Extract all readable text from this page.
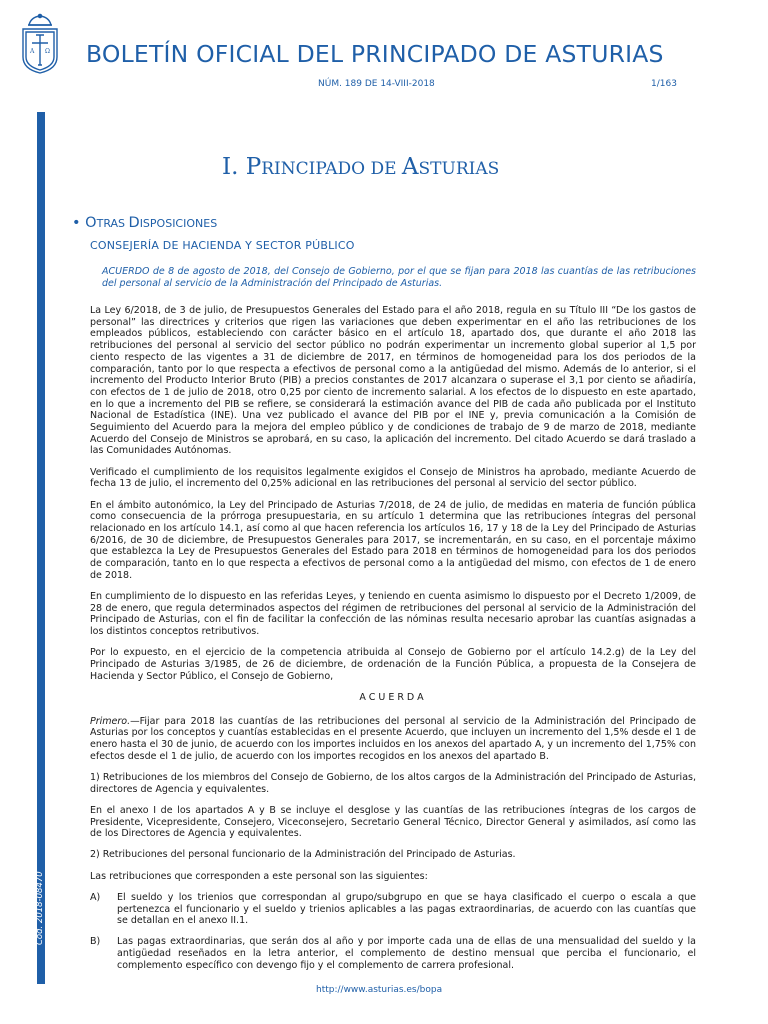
A Ω BOLETÍN OFICIAL DEL PRINCIPADO DE ASTURIAS
NÚM. 189 DE 14-VIII-2018	1/163
Cód. 2018-08470
I. PRINCIPADO DE ASTURIAS
• OTRAS DISPOSICIONES
CONSEJERÍA DE HACIENDA Y SECTOR PÚBLICO
ACUERDO de 8 de agosto de 2018, del Consejo de Gobierno, por el que se fijan para 2018 las cuantías de las retribuciones del personal al servicio de la Administración del Principado de Asturias.

La Ley 6/2018, de 3 de julio, de Presupuestos Generales del Estado para el año 2018, regula en su Título III “De los gastos de personal” las directrices y criterios que rigen las variaciones que deben experimentar en el año las retribuciones de los empleados públicos, estableciendo con carácter básico en el artículo 18, apartado dos, que durante el año 2018 las retribuciones del personal al servicio del sector público no podrán experimentar un incremento global superior al 1,5 por ciento respecto de las vigentes a 31 de diciembre de 2017, en términos de homogeneidad para los dos periodos de la comparación, tanto por lo que respecta a efectivos de personal como a la antigüedad del mismo. Además de lo anterior, si el incremento del Producto Interior Bruto (PIB) a precios constantes de 2017 alcanzara o superase el 3,1 por ciento se añadiría, con efectos de 1 de julio de 2018, otro 0,25 por ciento de incremento salarial. A los efectos de lo dispuesto en este apartado, en lo que a incremento del PIB se refiere, se considerará la estimación avance del PIB de cada año publicada por el Instituto Nacional de Estadística (INE). Una vez publicado el avance del PIB por el INE y, previa comunicación a la Comisión de Seguimiento del Acuerdo para la mejora del empleo público y de condiciones de trabajo de 9 de marzo de 2018, mediante Acuerdo del Consejo de Ministros se aprobará, en su caso, la aplicación del incremento. Del citado Acuerdo se dará traslado a las Comunidades Autónomas.

Verificado el cumplimiento de los requisitos legalmente exigidos el Consejo de Ministros ha aprobado, mediante Acuerdo de fecha 13 de julio, el incremento del 0,25% adicional en las retribuciones del personal al servicio del sector público.

En el ámbito autonómico, la Ley del Principado de Asturias 7/2018, de 24 de julio, de medidas en materia de función pública como consecuencia de la prórroga presupuestaria, en su artículo 1 determina que las retribuciones íntegras del personal relacionado en los artículo 14.1, así como al que hacen referencia los artículos 16, 17 y 18 de la Ley del Principado de Asturias 6/2016, de 30 de diciembre, de Presupuestos Generales para 2017, se incrementarán, en su caso, en el porcentaje máximo que establezca la Ley de Presupuestos Generales del Estado para 2018 en términos de homogeneidad para los dos periodos de comparación, tanto en lo que respecta a efectivos de personal como a la antigüedad del mismo, con efectos de 1 de enero de 2018.

En cumplimiento de lo dispuesto en las referidas Leyes, y teniendo en cuenta asimismo lo dispuesto por el Decreto 1/2009, de 28 de enero, que regula determinados aspectos del régimen de retribuciones del personal al servicio de la Administración del Principado de Asturias, con el fin de facilitar la confección de las nóminas resulta necesario aprobar las cuantías asignadas a los distintos conceptos retributivos.

Por lo expuesto, en el ejercicio de la competencia atribuida al Consejo de Gobierno por el artículo 14.2.g) de la Ley del Principado de Asturias 3/1985, de 26 de diciembre, de ordenación de la Función Pública, a propuesta de la Consejera de Hacienda y Sector Público, el Consejo de Gobierno,

ACUERDA

Primero.—Fijar para 2018 las cuantías de las retribuciones del personal al servicio de la Administración del Principado de Asturias por los conceptos y cuantías establecidas en el presente Acuerdo, que incluyen un incremento del 1,5% desde el 1 de enero hasta el 30 de junio, de acuerdo con los importes incluidos en los anexos del apartado A, y un incremento del 1,75% con efectos desde el 1 de julio, de acuerdo con los importes recogidos en los anexos del apartado B.

1) Retribuciones de los miembros del Consejo de Gobierno, de los altos cargos de la Administración del Principado de Asturias, directores de Agencia y equivalentes.

En el anexo I de los apartados A y B se incluye el desglose y las cuantías de las retribuciones íntegras de los cargos de Presidente, Vicepresidente, Consejero, Viceconsejero, Secretario General Técnico, Director General y asimilados, así como las de los Directores de Agencia y equivalentes.

2) Retribuciones del personal funcionario de la Administración del Principado de Asturias.

Las retribuciones que corresponden a este personal son las siguientes:

A)	El sueldo y los trienios que correspondan al grupo/subgrupo en que se haya clasificado el cuerpo o escala a que pertenezca el funcionario y el sueldo y trienios aplicables a las pagas extraordinarias, de acuerdo con las cuantías que se detallan en el anexo II.1.

B)	Las pagas extraordinarias, que serán dos al año y por importe cada una de ellas de una mensualidad del sueldo y la antigüedad reseñados en la letra anterior, el complemento de destino mensual que perciba el funcionario, el complemento específico con devengo fijo y el complemento de carrera profesional.

http://www.asturias.es/bopa
